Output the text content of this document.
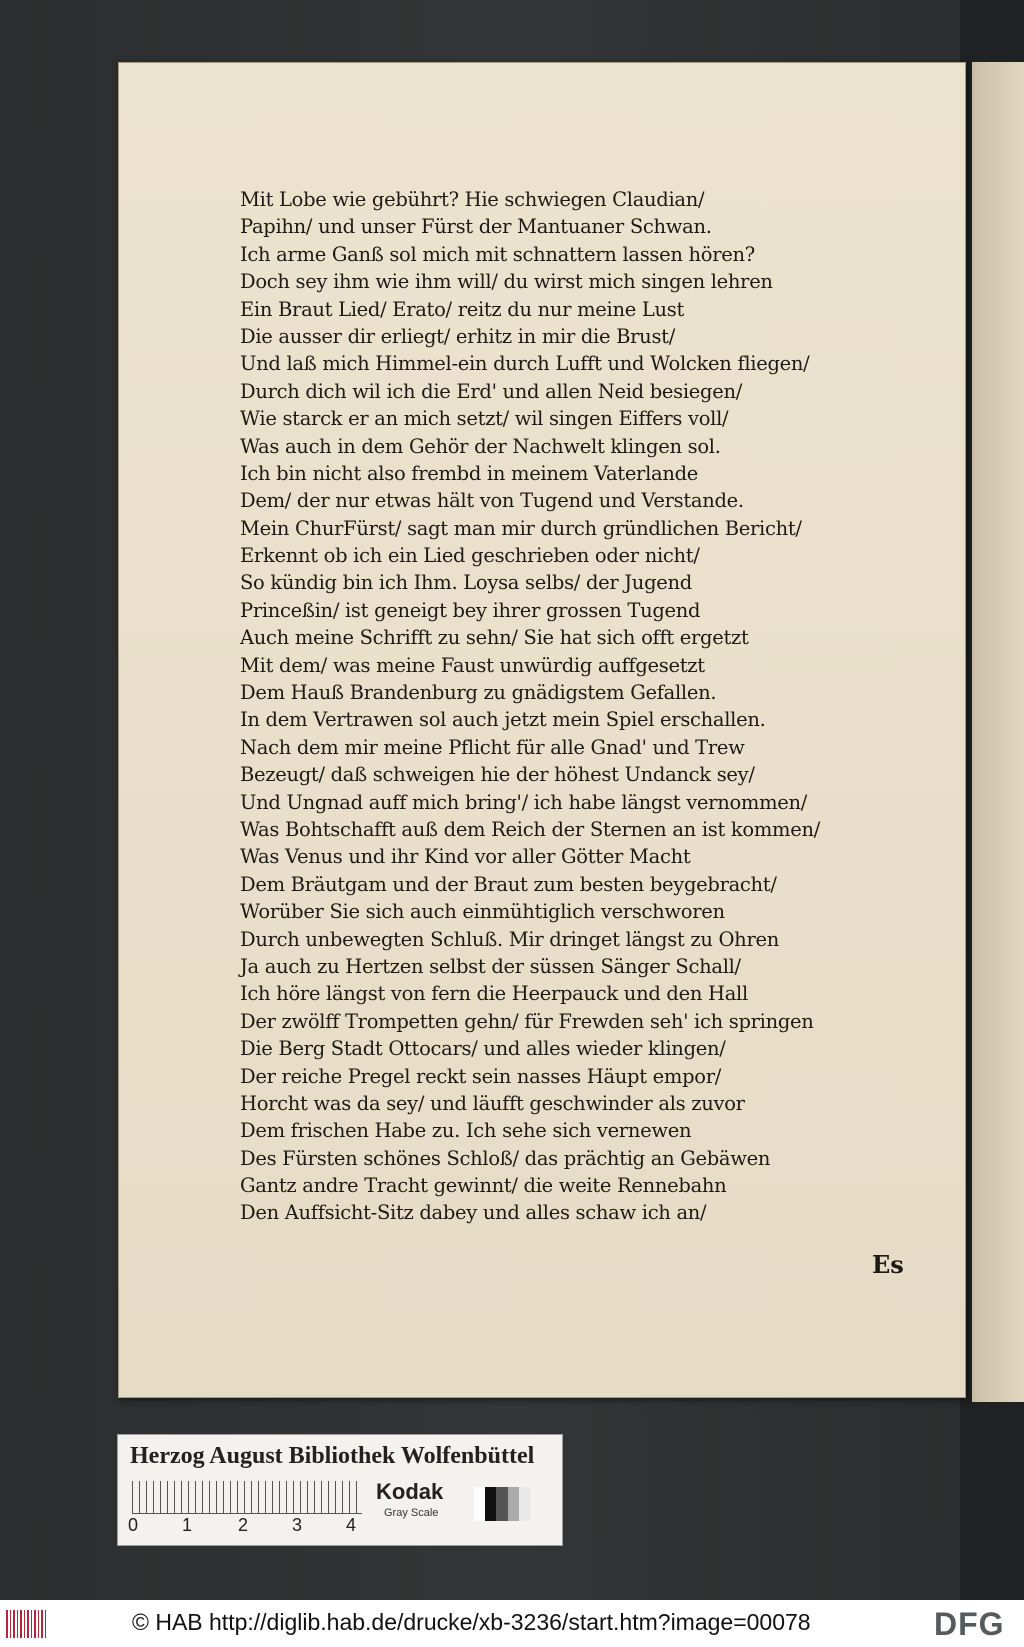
Mit Lobe wie gebührt? Hie schwiegen Claudian/
Papihn/ und unser Fürst der Mantuaner Schwan.
Ich arme Ganß sol mich mit schnattern lassen hören?
Doch sey ihm wie ihm will/ du wirst mich singen lehren
Ein Braut Lied/ Erato/ reitz du nur meine Lust
Die ausser dir erliegt/ erhitz in mir die Brust/
Und laß mich Himmel-ein durch Lufft und Wolcken fliegen/
Durch dich wil ich die Erd' und allen Neid besiegen/
Wie starck er an mich setzt/ wil singen Eiffers voll/
Was auch in dem Gehör der Nachwelt klingen sol.
Ich bin nicht also frembd in meinem Vaterlande
Dem/ der nur etwas hält von Tugend und Verstande.
Mein ChurFürst/ sagt man mir durch gründlichen Bericht/
Erkennt ob ich ein Lied geschrieben oder nicht/
So kündig bin ich Ihm. Loysa selbs/ der Jugend
Princeßin/ ist geneigt bey ihrer grossen Tugend
Auch meine Schrifft zu sehn/ Sie hat sich offt ergetzt
Mit dem/ was meine Faust unwürdig auffgesetzt
Dem Hauß Brandenburg zu gnädigstem Gefallen.
In dem Vertrawen sol auch jetzt mein Spiel erschallen.
Nach dem mir meine Pflicht für alle Gnad' und Trew
Bezeugt/ daß schweigen hie der höhest Undanck sey/
Und Ungnad auff mich bring'/ ich habe längst vernommen/
Was Bohtschafft auß dem Reich der Sternen an ist kommen/
Was Venus und ihr Kind vor aller Götter Macht
Dem Bräutgam und der Braut zum besten beygebracht/
Worüber Sie sich auch einmühtiglich verschworen
Durch unbewegten Schluß. Mir dringet längst zu Ohren
Ja auch zu Hertzen selbst der süssen Sänger Schall/
Ich höre längst von fern die Heerpauck und den Hall
Der zwölff Trompetten gehn/ für Frewden seh' ich springen
Die Berg Stadt Ottocars/ und alles wieder klingen/
Der reiche Pregel reckt sein nasses Häupt empor/
Horcht was da sey/ und läufft geschwinder als zuvor
Dem frischen Habe zu. Ich sehe sich vernewen
Des Fürsten schönes Schloß/ das prächtig an Gebäwen
Gantz andre Tracht gewinnt/ die weite Rennebahn
Den Auffsicht-Sitz dabey und alles schaw ich an/
Es
Herzog August Bibliothek Wolfenbüttel
0 1	2 3 4
Kodak
Gray Scale
© HAB http://diglib.hab.de/drucke/xb-3236/start.htm?image=00078	DFG
